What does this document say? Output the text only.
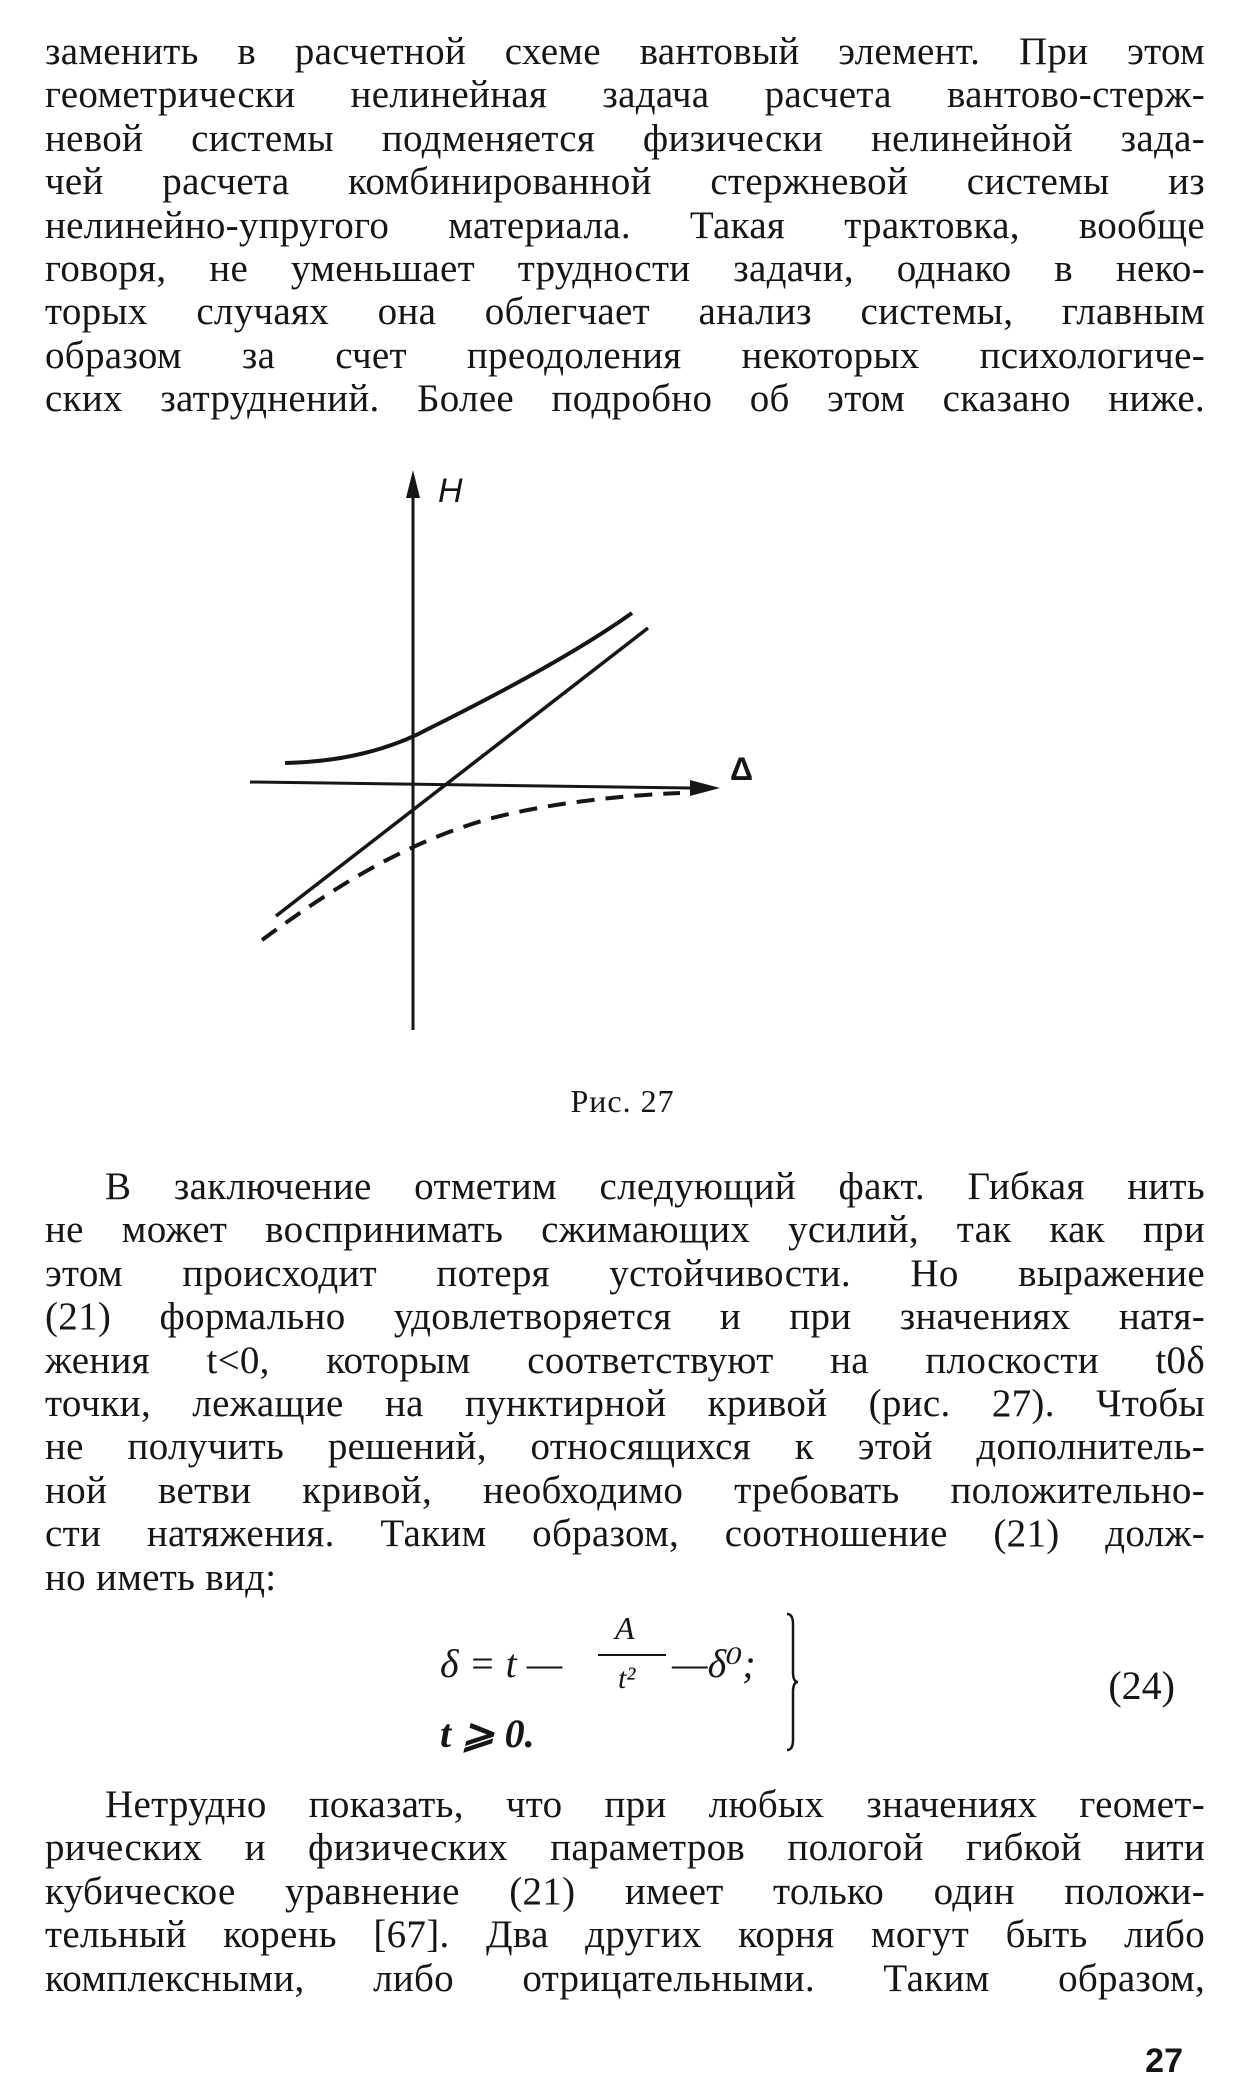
заменить в расчетной схеме вантовый элемент. При этом
геометрически нелинейная задача расчета вантово-стерж-
невой системы подменяется физически нелинейной зада-
чей расчета комбинированной стержневой системы из
нелинейно-упругого материала. Такая трактовка, вообще
говоря, не уменьшает трудности задачи, однако в неко-
торых случаях она облегчает анализ системы, главным
образом за счет преодоления некоторых психологиче-
ских затруднений. Более подробно об этом сказано ниже.
H
Δ
Рис. 27
В заключение отметим следующий факт. Гибкая нить
не может воспринимать сжимающих усилий, так как при
этом происходит потеря устойчивости. Но выражение
(21) формально удовлетворяется и при значениях натя-
жения t<0, которым соответствуют на плоскости t0δ
точки, лежащие на пунктирной кривой (рис. 27). Чтобы
не получить решений, относящихся к этой дополнитель-
ной ветви кривой, необходимо требовать положительно-
сти натяжения. Таким образом, соотношение (21) долж-
но иметь вид:
δ = t —
A
t² —δ⁰;
t ⩾ 0.
(24)
Нетрудно показать, что при любых значениях геомет-
рических и физических параметров пологой гибкой нити
кубическое уравнение (21) имеет только один положи-
тельный корень [67]. Два других корня могут быть либо
комплексными, либо отрицательными. Таким образом,
27
